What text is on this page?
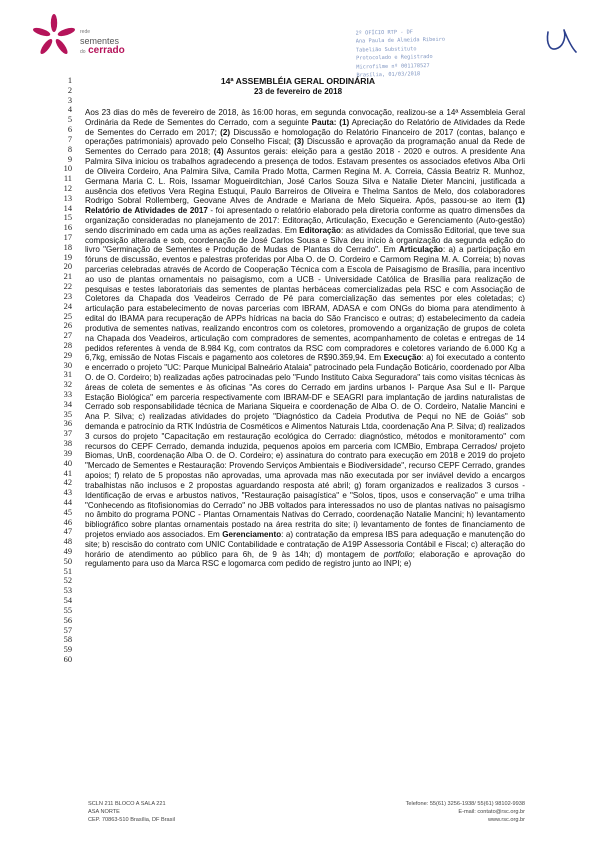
rede
sementes
do cerrado
2º OFÍCIO RTP - DF
Ana Paula de Almeida Ribeiro
Tabelião Substituto
Protocolado e Registrado
Microfilme nº 001178527
Brasília, 01/03/2018
14ª ASSEMBLÉIA GERAL ORDINÁRIA
23 de fevereiro de 2018
1
2
3
4
5
6
7
8
9
10
11
12
13
14
15
16
17
18
19
20
21
22
23
24
25
26
27
28
29
30
31
32
33
34
35
36
37
38
39
40
41
42
43
44
45
46
47
48
49
50
51
52
53
54
55
56
57
58
59
60

Aos 23 dias do mês de fevereiro de 2018, às 16:00 horas, em segunda convocação, realizou-se a 14ª Assembleia Geral Ordinária da Rede de Sementes do Cerrado, com a seguinte Pauta: (1) Apreciação do Relatório de Atividades da Rede de Sementes do Cerrado em 2017; (2) Discussão e homologação do Relatório Financeiro de 2017 (contas, balanço e operações patrimoniais) aprovado pelo Conselho Fiscal; (3) Discussão e aprovação da programação anual da Rede de Sementes do Cerrado para 2018; (4) Assuntos gerais: eleição para a gestão 2018 - 2020 e outros. A presidente Ana Palmira Silva iniciou os trabalhos agradecendo a presença de todos. Estavam presentes os associados efetivos Alba Orli de Oliveira Cordeiro, Ana Palmira Silva, Camila Prado Motta, Carmen Regina M. A. Correia, Cássia Beatriz R. Munhoz, Germana Maria C. L. Rois, Issamar Mogueirditchian, José Carlos Souza Silva e Natalie Dieter Mancini, justificada a ausência dos efetivos Vera Regina Estuqui, Paulo Barreiros de Oliveira e Thelma Santos de Melo, dos colaboradores Rodrigo Sobral Rollemberg, Geovane Alves de Andrade e Mariana de Melo Siqueira. Após, passou-se ao item (1) Relatório de Atividades de 2017 - foi apresentado o relatório elaborado pela diretoria conforme as quatro dimensões da organização consideradas no planejamento de 2017: Editoração, Articulação, Execução e Gerenciamento (Auto-gestão) sendo discriminado em cada uma as ações realizadas. Em Editoração: as atividades da Comissão Editorial, que teve sua composição alterada e sob, coordenação de José Carlos Sousa e Silva deu início à organização da segunda edição do livro "Germinação de Sementes e Produção de Mudas de Plantas do Cerrado". Em Articulação: a) a participação em fóruns de discussão, eventos e palestras proferidas por Alba O. de O. Cordeiro e Carmom Regina M. A. Correia; b) novas parcerias celebradas através de Acordo de Cooperação Técnica com a Escola de Paisagismo de Brasília, para incentivo ao uso de plantas ornamentais no paisagismo, com a UCB - Universidade Católica de Brasília para realização de pesquisas e testes laboratoriais das sementes de plantas herbáceas comercializadas pela RSC e com Associação de Coletores da Chapada dos Veadeiros Cerrado de Pé para comercialização das sementes por eles coletadas; c) articulação para estabelecimento de novas parcerias com IBRAM, ADASA e com ONGs do bioma para atendimento à edital do IBAMA para recuperação de APPs hídricas na bacia do São Francisco e outras; d) estabelecimento da cadeia produtiva de sementes nativas, realizando encontros com os coletores, promovendo a organização de grupos de coleta na Chapada dos Veadeiros, articulação com compradores de sementes, acompanhamento de coletas e entregas de 14 pedidos referentes à venda de 8.984 Kg, com contratos da RSC com compradores e coletores variando de 6.000 Kg a 6,7kg, emissão de Notas Fiscais e pagamento aos coletores de R$90.359,94. Em Execução: a) foi executado a contento e encerrado o projeto "UC: Parque Municipal Balneário Atalaia" patrocinado pela Fundação Boticário, coordenado por Alba O. de O. Cordeiro; b) realizadas ações patrocinadas pelo "Fundo Instituto Caixa Seguradora" tais como visitas técnicas às áreas de coleta de sementes e às oficinas "As cores do Cerrado em jardins urbanos I- Parque Asa Sul e II- Parque Estação Biológica" em parceria respectivamente com IBRAM-DF e SEAGRI para implantação de jardins naturalistas de Cerrado sob responsabilidade técnica de Mariana Siqueira e coordenação de Alba O. de O. Cordeiro, Natalie Mancini e Ana P. Silva; c) realizadas atividades do projeto "Diagnóstico da Cadeia Produtiva de Pequi no NE de Goiás" sob demanda e patrocínio da RTK Indústria de Cosméticos e Alimentos Naturais Ltda, coordenação Ana P. Silva; d) realizados 3 cursos do projeto "Capacitação em restauração ecológica do Cerrado: diagnóstico, métodos e monitoramento" com recursos do CEPF Cerrado, demanda induzida, pequenos apoios em parceria com ICMBio, Embrapa Cerrados/ projeto Biomas, UnB, coordenação Alba O. de O. Cordeiro; e) assinatura do contrato para execução em 2018 e 2019 do projeto "Mercado de Sementes e Restauração: Provendo Serviços Ambientais e Biodiversidade", recurso CEPF Cerrado, grandes apoios; f) relato de 5 propostas não aprovadas, uma aprovada mas não executada por ser inviável devido a encargos trabalhistas não inclusos e 2 propostas aguardando resposta até abril; g) foram organizados e realizados 3 cursos - Identificação de ervas e arbustos nativos, "Restauração paisagística" e "Solos, tipos, usos e conservação" e uma trilha "Conhecendo as fitofisionomias do Cerrado" no JBB voltados para interessados no uso de plantas nativas no paisagismo no âmbito do programa PONC - Plantas Ornamentais Nativas do Cerrado, coordenação Natalie Mancini; h) levantamento bibliográfico sobre plantas ornamentais postado na área restrita do site; i) levantamento de fontes de financiamento de projetos enviado aos associados. Em Gerenciamento: a) contratação da empresa IBS para adequação e manutenção do site; b) rescisão do contrato com UNIC Contabilidade e contratação de A19P Assessoria Contábil e Fiscal; c) alteração do horário de atendimento ao público para 6h, de 9 às 14h; d) montagem de portfolio; elaboração e aprovação do regulamento para uso da Marca RSC e logomarca com pedido de registro junto ao INPI; e)

SCLN 211 BLOCO A SALA 221
ASA NORTE
CEP. 70863-510 Brasília, DF Brasil
Telefone: 55(61) 3256-1938/ 55(61) 98102-9938
E-mail: contato@rsc.org.br
www.rsc.org.br
